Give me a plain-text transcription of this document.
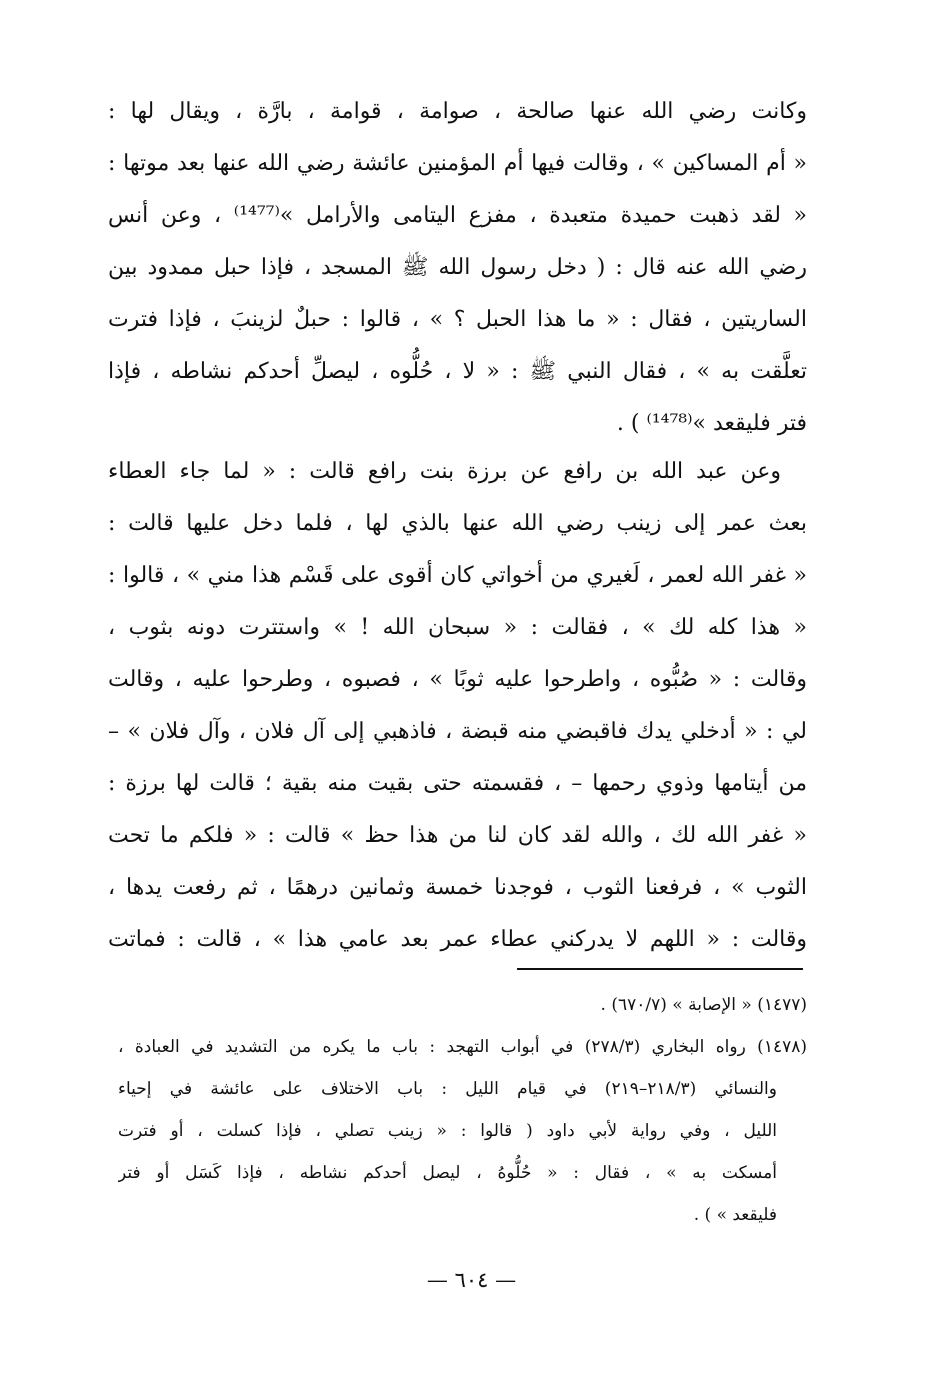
وكانت رضي الله عنها صالحة ، صوامة ، قوامة ، بارَّة ، ويقال لها :
« أم المساكين » ، وقالت فيها أم المؤمنين عائشة رضي الله عنها بعد موتها :
« لقد ذهبت حميدة متعبدة ، مفزع اليتامى والأرامل »⁽¹⁴⁷⁷⁾ ، وعن أنس
رضي الله عنه قال : ( دخل رسول الله ﷺ المسجد ، فإذا حبل ممدود بين
الساريتين ، فقال : « ما هذا الحبل ؟ » ، قالوا : حبلٌ لزينبَ ، فإذا فترت
تعلَّقت به » ، فقال النبي ﷺ : « لا ، حُلُّوه ، ليصلِّ أحدكم نشاطه ، فإذا
فتر فليقعد »⁽¹⁴⁷⁸⁾ ) .
وعن عبد الله بن رافع عن برزة بنت رافع قالت : « لما جاء العطاء
بعث عمر إلى زينب رضي الله عنها بالذي لها ، فلما دخل عليها قالت :
« غفر الله لعمر ، لَغيري من أخواتي كان أقوى على قَسْم هذا مني » ، قالوا :
« هذا كله لك » ، فقالت : « سبحان الله ! » واستترت دونه بثوب ،
وقالت : « صُبُّوه ، واطرحوا عليه ثوبًا » ، فصبوه ، وطرحوا عليه ، وقالت
لي : « أدخلي يدك فاقبضي منه قبضة ، فاذهبي إلى آل فلان ، وآل فلان » –
من أيتامها وذوي رحمها – ، فقسمته حتى بقيت منه بقية ؛ قالت لها برزة :
« غفر الله لك ، والله لقد كان لنا من هذا حظ » قالت : « فلكم ما تحت
الثوب » ، فرفعنا الثوب ، فوجدنا خمسة وثمانين درهمًا ، ثم رفعت يدها ،
وقالت : « اللهم لا يدركني عطاء عمر بعد عامي هذا » ، قالت : فماتت
(١٤٧٧) « الإصابة » (٦٧٠/٧) .
(١٤٧٨) رواه البخاري (٢٧٨/٣) في أبواب التهجد : باب ما يكره من التشديد في العبادة ،
والنسائي (٢١٨/٣–٢١٩) في قيام الليل : باب الاختلاف على عائشة في إحياء
الليل ، وفي رواية لأبي داود ( قالوا : « زينب تصلي ، فإذا كسلت ، أو فترت
أمسكت به » ، فقال : « حُلُّوهُ ، ليصل أحدكم نشاطه ، فإذا كَسَل أو فتر
فليقعد » ) .
— ٦٠٤ —
